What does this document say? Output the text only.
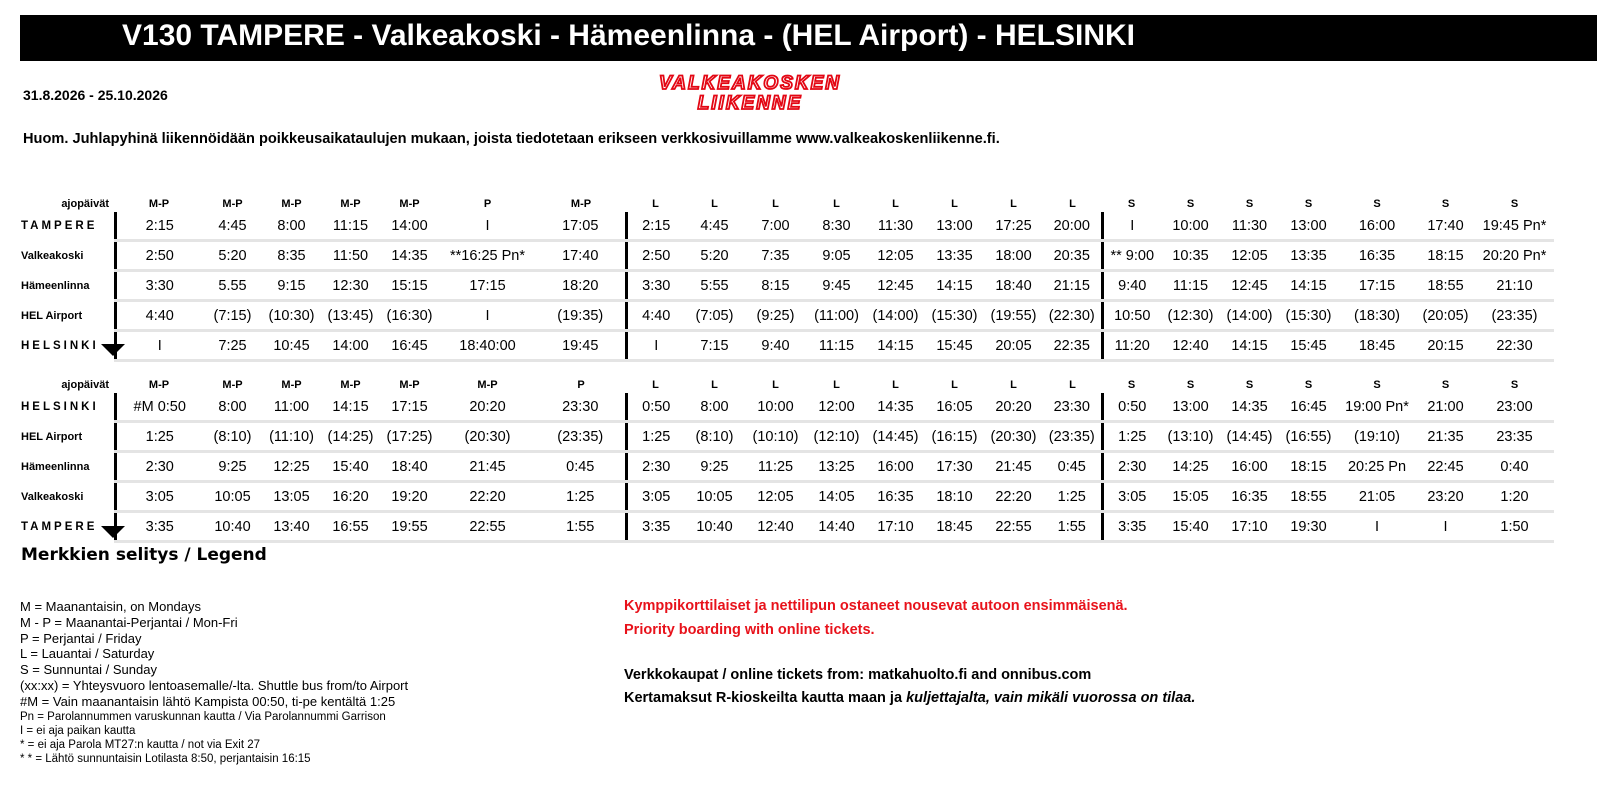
V130 TAMPERE - Valkeakoski - Hämeenlinna - (HEL Airport) - HELSINKI
31.8.2026 - 25.10.2026
VALKEAKOSKEN
LIIKENNE
Huom. Juhlapyhinä liikennöidään poikkeusaikataulujen mukaan, joista tiedotetaan erikseen verkkosivuillamme www.valkeakoskenliikenne.fi.
ajopäivät	M-P	M-P	M-P	M-P	M-P	P	M-P	L	L	L	L	L	L	L	L	S	S	S	S	S	S	S
TAMPERE	2:15	4:45	8:00	11:15	14:00	I	17:05	2:15	4:45	7:00	8:30	11:30	13:00	17:25	20:00	I	10:00	11:30	13:00	16:00	17:40	19:45 Pn*
Valkeakoski	2:50	5:20	8:35	11:50	14:35	**16:25 Pn*	17:40	2:50	5:20	7:35	9:05	12:05	13:35	18:00	20:35	** 9:00	10:35	12:05	13:35	16:35	18:15	20:20 Pn*
Hämeenlinna	3:30	5.55	9:15	12:30	15:15	17:15	18:20	3:30	5:55	8:15	9:45	12:45	14:15	18:40	21:15	9:40	11:15	12:45	14:15	17:15	18:55	21:10
HEL Airport	4:40	(7:15)	(10:30)	(13:45)	(16:30)	I	(19:35)	4:40	(7:05)	(9:25)	(11:00)	(14:00)	(15:30)	(19:55)	(22:30)	10:50	(12:30)	(14:00)	(15:30)	(18:30)	(20:05)	(23:35)
HELSINKI	I	7:25	10:45	14:00	16:45	18:40:00	19:45	I	7:15	9:40	11:15	14:15	15:45	20:05	22:35	11:20	12:40	14:15	15:45	18:45	20:15	22:30
ajopäivät	M-P	M-P	M-P	M-P	M-P	M-P	P	L	L	L	L	L	L	L	L	S	S	S	S	S	S	S
HELSINKI	#M 0:50	8:00	11:00	14:15	17:15	20:20	23:30	0:50	8:00	10:00	12:00	14:35	16:05	20:20	23:30	0:50	13:00	14:35	16:45	19:00 Pn*	21:00	23:00
HEL Airport	1:25	(8:10)	(11:10)	(14:25)	(17:25)	(20:30)	(23:35)	1:25	(8:10)	(10:10)	(12:10)	(14:45)	(16:15)	(20:30)	(23:35)	1:25	(13:10)	(14:45)	(16:55)	(19:10)	21:35	23:35
Hämeenlinna	2:30	9:25	12:25	15:40	18:40	21:45	0:45	2:30	9:25	11:25	13:25	16:00	17:30	21:45	0:45	2:30	14:25	16:00	18:15	20:25 Pn	22:45	0:40
Valkeakoski	3:05	10:05	13:05	16:20	19:20	22:20	1:25	3:05	10:05	12:05	14:05	16:35	18:10	22:20	1:25	3:05	15:05	16:35	18:55	21:05	23:20	1:20
TAMPERE	3:35	10:40	13:40	16:55	19:55	22:55	1:55	3:35	10:40	12:40	14:40	17:10	18:45	22:55	1:55	3:35	15:40	17:10	19:30	I	I	1:50
Merkkien selitys / Legend
M = Maanantaisin, on Mondays
M - P = Maanantai-Perjantai / Mon-Fri
P = Perjantai / Friday
L = Lauantai / Saturday
S = Sunnuntai / Sunday
(xx:xx) = Yhteysvuoro lentoasemalle/-lta. Shuttle bus from/to Airport
#M = Vain maanantaisin lähtö Kampista 00:50, ti-pe kentältä 1:25
Pn = Parolannummen varuskunnan kautta / Via Parolannummi Garrison
I = ei aja paikan kautta
* = ei aja Parola MT27:n kautta / not via Exit 27
* * = Lähtö sunnuntaisin Lotilasta 8:50, perjantaisin 16:15
Kymppikorttilaiset ja nettilipun ostaneet nousevat autoon ensimmäisenä.
Priority boarding with online tickets.
Verkkokaupat / online tickets from: matkahuolto.fi and onnibus.com
Kertamaksut R-kioskeilta kautta maan ja kuljettajalta, vain mikäli vuorossa on tilaa.
